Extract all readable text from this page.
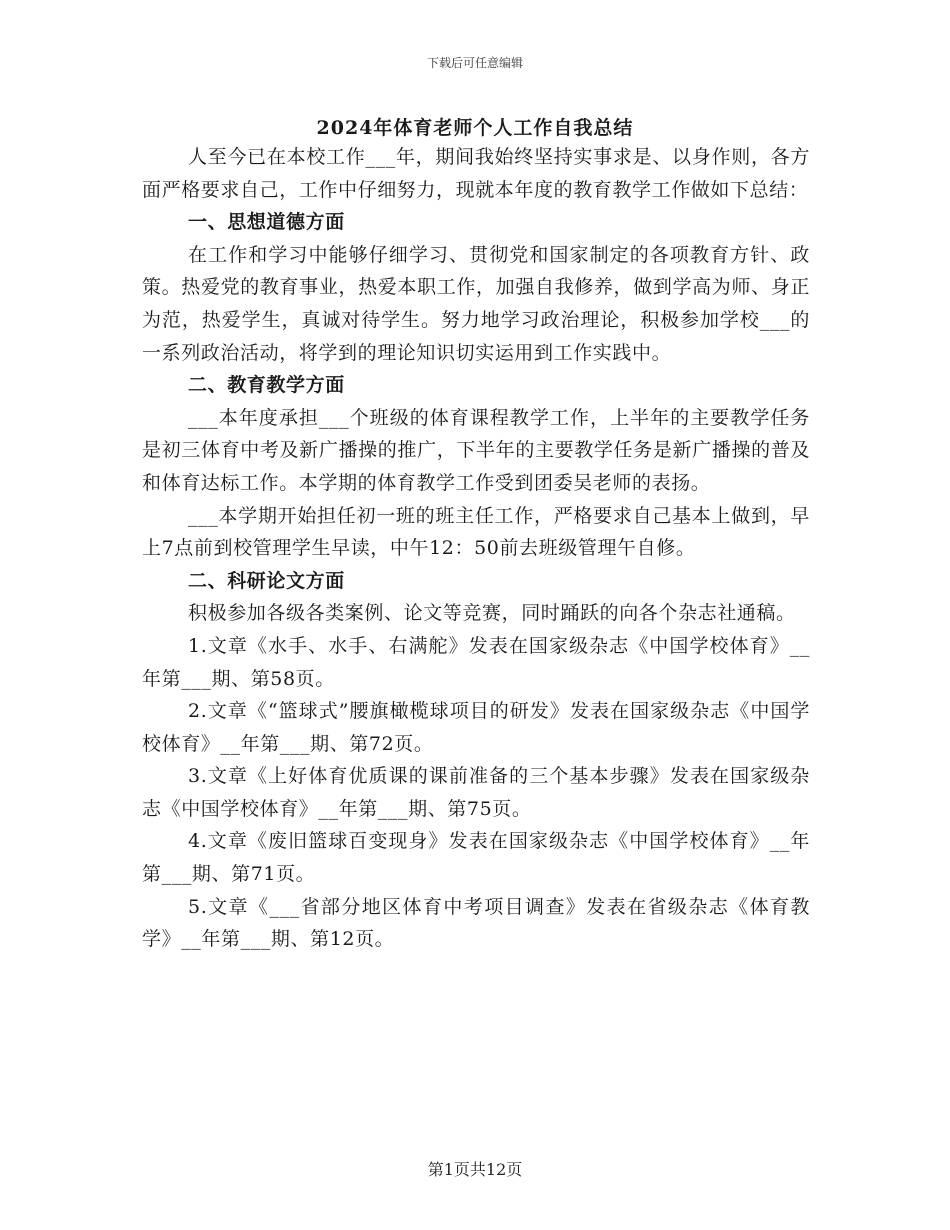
下载后可任意编辑
2024年体育老师个人工作自我总结

人至今已在本校工作___年，期间我始终坚持实事求是、以身作则，各方面严格要求自己，工作中仔细努力，现就本年度的教育教学工作做如下总结：

一、思想道德方面

在工作和学习中能够仔细学习、贯彻党和国家制定的各项教育方针、政策。热爱党的教育事业，热爱本职工作，加强自我修养，做到学高为师、身正为范，热爱学生，真诚对待学生。努力地学习政治理论，积极参加学校___的一系列政治活动，将学到的理论知识切实运用到工作实践中。

二、教育教学方面

___本年度承担___个班级的体育课程教学工作，上半年的主要教学任务是初三体育中考及新广播操的推广，下半年的主要教学任务是新广播操的普及和体育达标工作。本学期的体育教学工作受到团委吴老师的表扬。

___本学期开始担任初一班的班主任工作，严格要求自己基本上做到，早上7点前到校管理学生早读，中午12：50前去班级管理午自修。

二、科研论文方面

积极参加各级各类案例、论文等竞赛，同时踊跃的向各个杂志社通稿。

1.文章《水手、水手、右满舵》发表在国家级杂志《中国学校体育》__年第___期、第58页。

2.文章《“篮球式”腰旗橄榄球项目的研发》发表在国家级杂志《中国学校体育》__年第___期、第72页。

3.文章《上好体育优质课的课前准备的三个基本步骤》发表在国家级杂志《中国学校体育》__年第___期、第75页。

4.文章《废旧篮球百变现身》发表在国家级杂志《中国学校体育》__年第___期、第71页。

5.文章《___省部分地区体育中考项目调查》发表在省级杂志《体育教学》__年第___期、第12页。

第1页共12页
